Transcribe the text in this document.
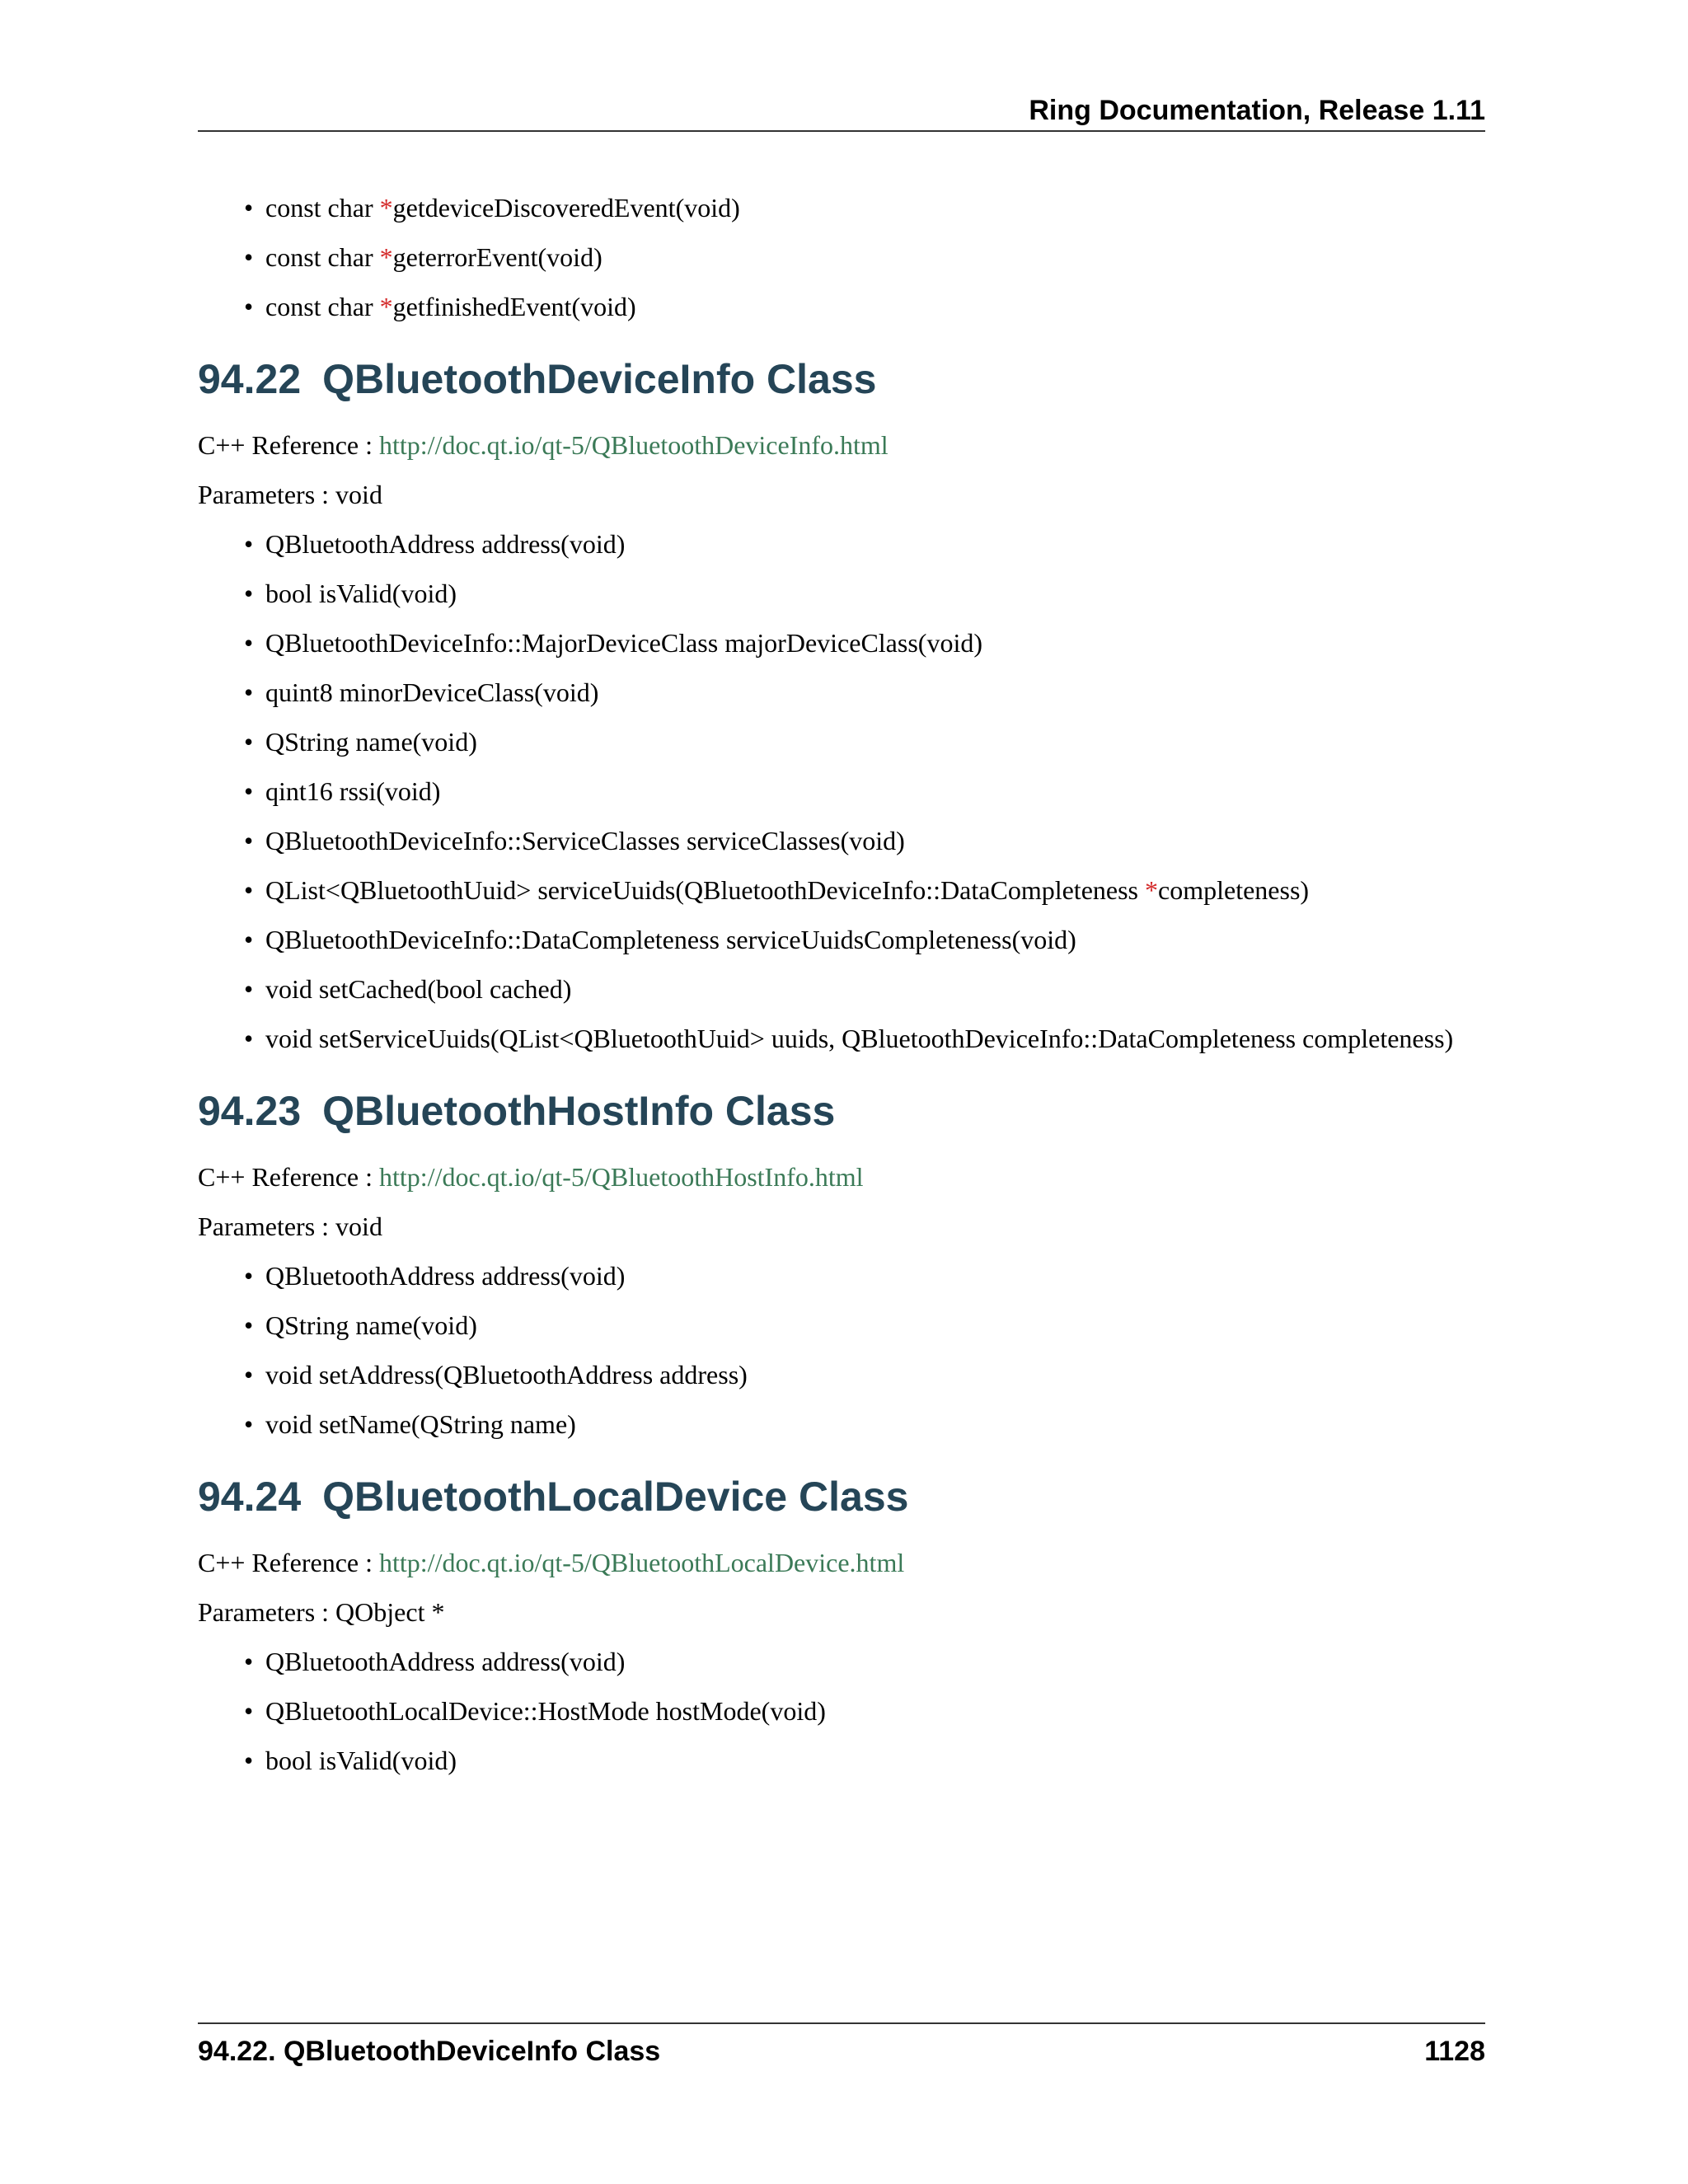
Ring Documentation, Release 1.11
• const char *getdeviceDiscoveredEvent(void)
• const char *geterrorEvent(void)
• const char *getfinishedEvent(void)
94.22 QBluetoothDeviceInfo Class

C++ Reference : http://doc.qt.io/qt-5/QBluetoothDeviceInfo.html

Parameters : void

• QBluetoothAddress address(void)
• bool isValid(void)
• QBluetoothDeviceInfo::MajorDeviceClass majorDeviceClass(void)
• quint8 minorDeviceClass(void)
• QString name(void)
• qint16 rssi(void)
• QBluetoothDeviceInfo::ServiceClasses serviceClasses(void)
• QList<QBluetoothUuid> serviceUuids(QBluetoothDeviceInfo::DataCompleteness *completeness)
• QBluetoothDeviceInfo::DataCompleteness serviceUuidsCompleteness(void)
• void setCached(bool cached)
• void setServiceUuids(QList<QBluetoothUuid> uuids, QBluetoothDeviceInfo::DataCompleteness completeness)
94.23 QBluetoothHostInfo Class

C++ Reference : http://doc.qt.io/qt-5/QBluetoothHostInfo.html

Parameters : void

• QBluetoothAddress address(void)
• QString name(void)
• void setAddress(QBluetoothAddress address)
• void setName(QString name)
94.24 QBluetoothLocalDevice Class

C++ Reference : http://doc.qt.io/qt-5/QBluetoothLocalDevice.html

Parameters : QObject *

• QBluetoothAddress address(void)
• QBluetoothLocalDevice::HostMode hostMode(void)
• bool isValid(void)
94.22. QBluetoothDeviceInfo Class	1128
